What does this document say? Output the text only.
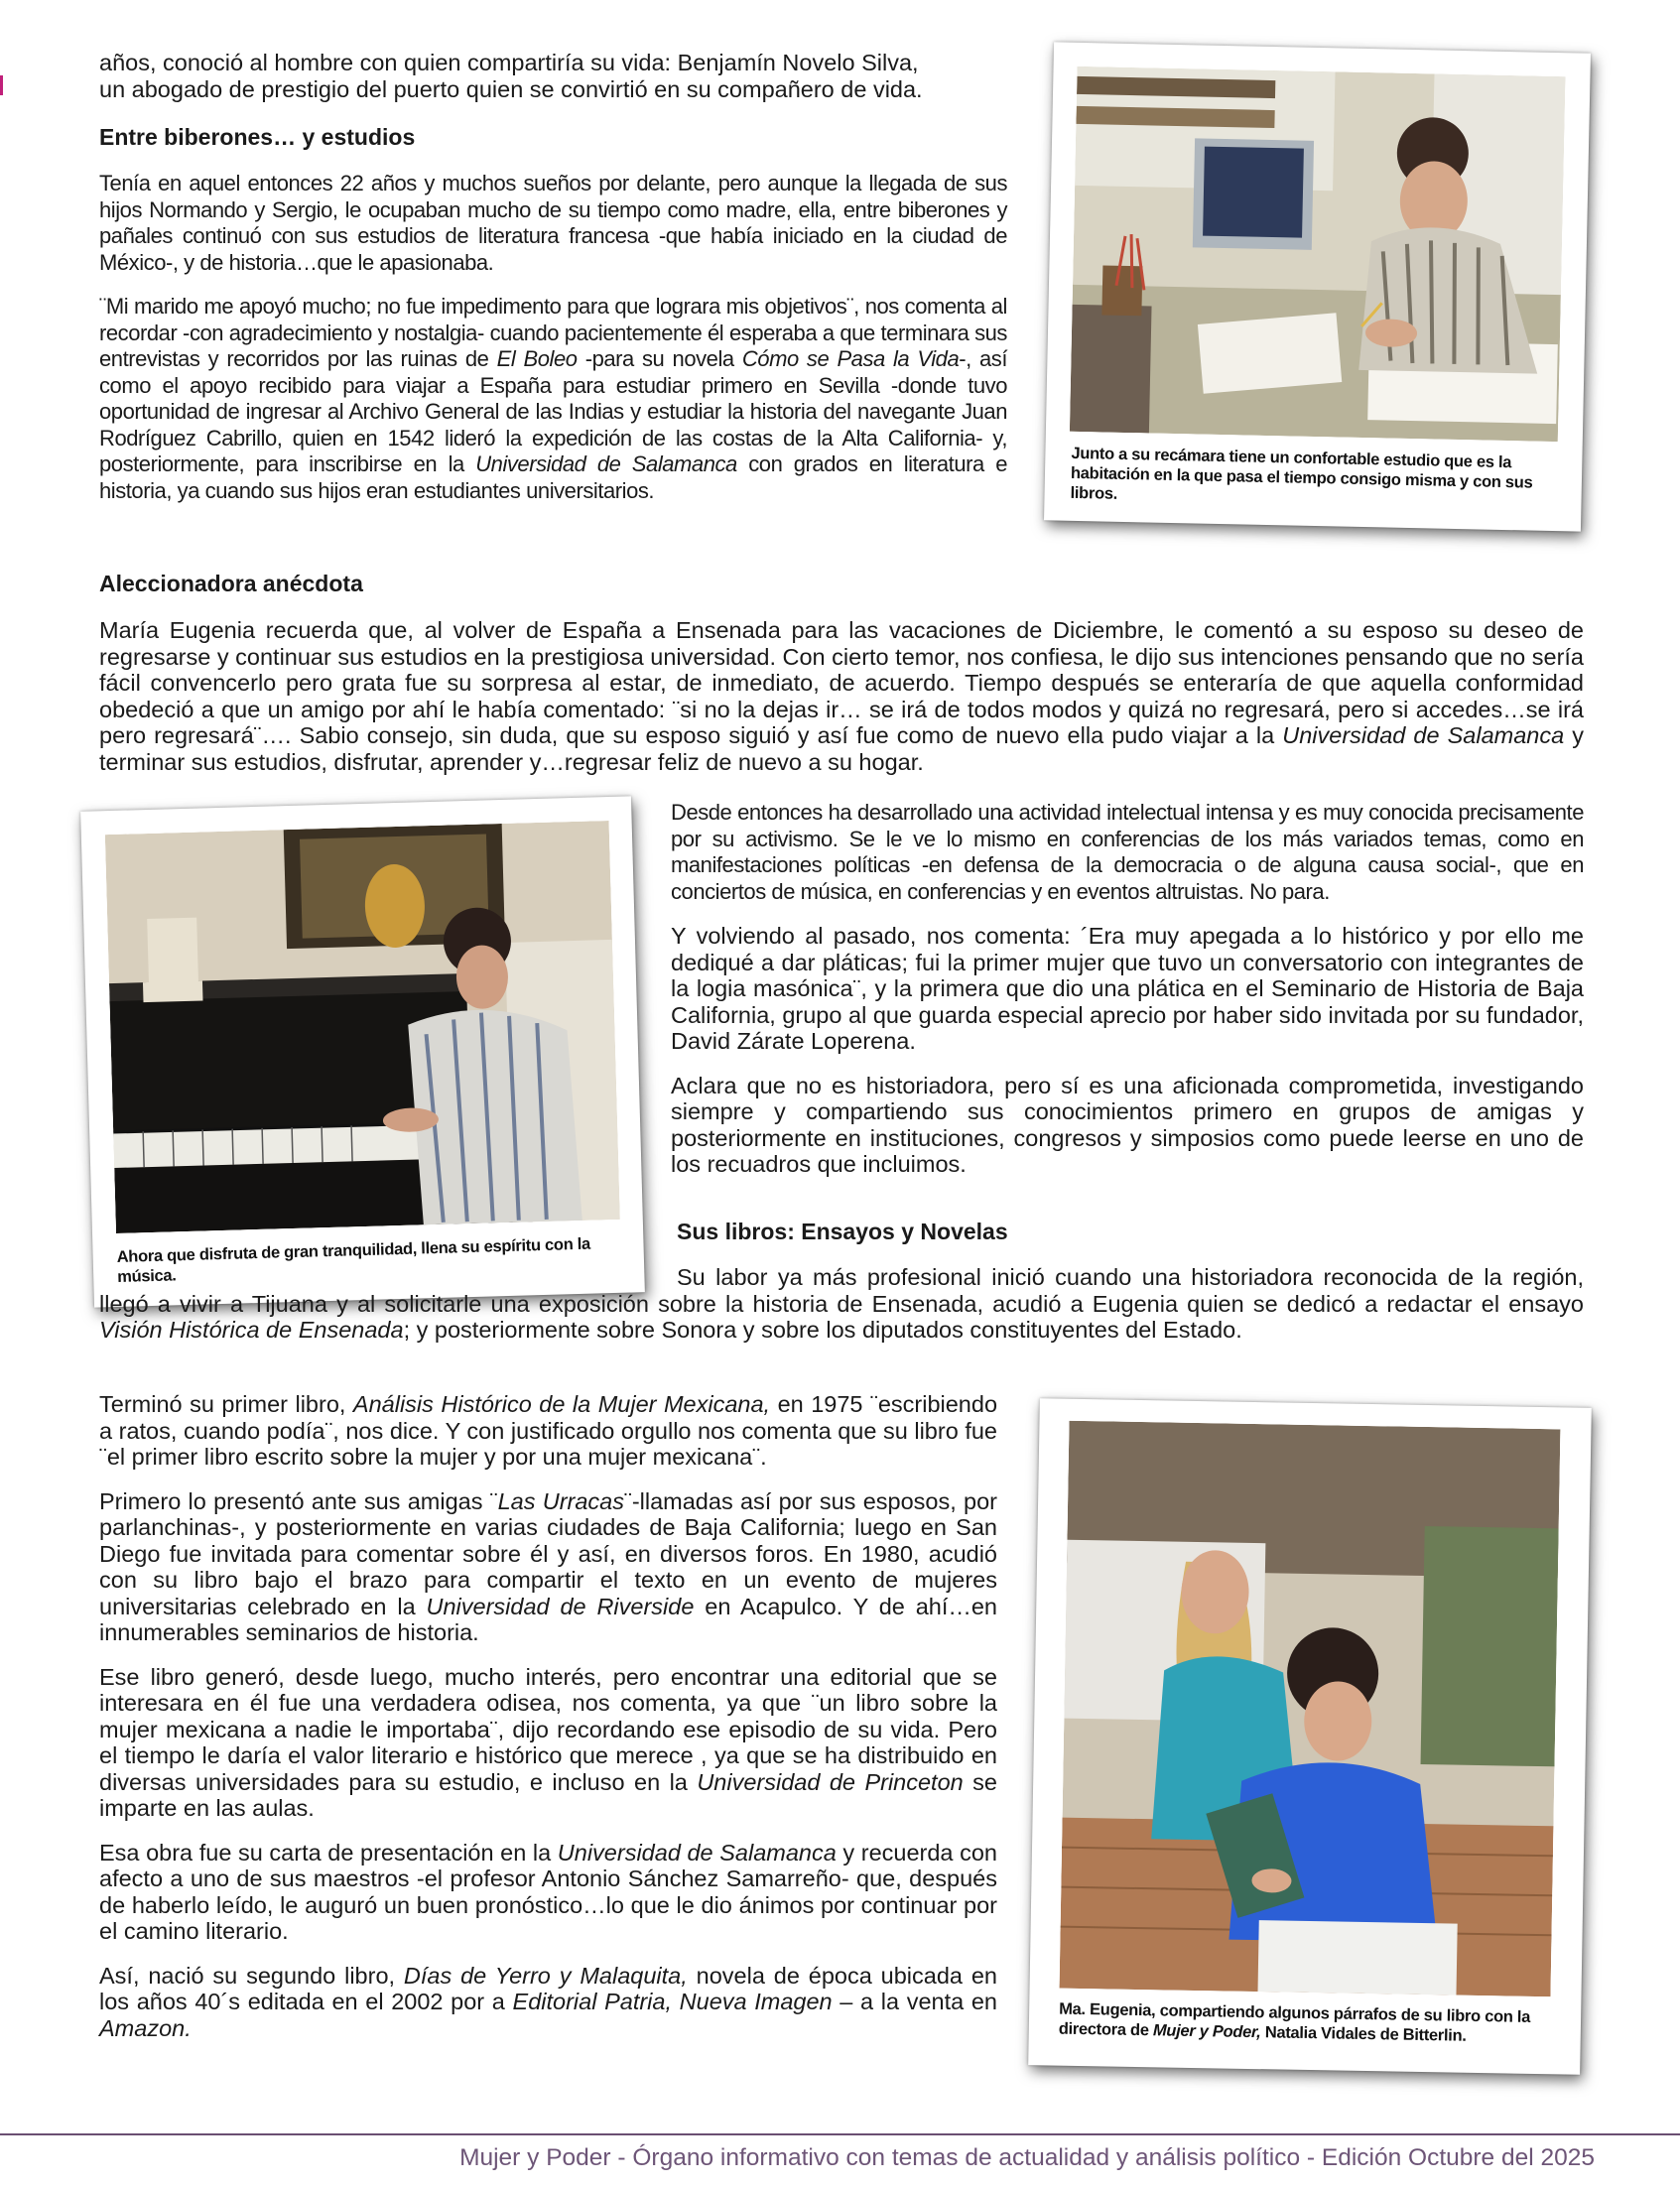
años, conoció al hombre con quien compartiría su vida: Benjamín Novelo Silva,
un abogado de prestigio del puerto quien se convirtió en su compañero de vida.

Entre biberones… y estudios

Tenía en aquel entonces 22 años y muchos sueños por delante, pero aunque la llegada de sus hijos Normando y Sergio, le ocupaban mucho de su tiempo como madre, ella, entre biberones y pañales continuó con sus estudios de literatura francesa -que había iniciado en la ciudad de México-, y de historia…que le apasionaba.

¨Mi marido me apoyó mucho; no fue impedimento para que lograra mis objetivos¨, nos comenta al recordar -con agradecimiento y nostalgia- cuando pacientemente él esperaba a que terminara sus entrevistas y recorridos por las ruinas de El Boleo -para su novela Cómo se Pasa la Vida-, así como el apoyo recibido para viajar a España para estudiar primero en Sevilla -donde tuvo oportunidad de ingresar al Archivo General de las Indias y estudiar la historia del navegante Juan Rodríguez Cabrillo, quien en 1542 lideró la expedición de las costas de la Alta California- y, posteriormente, para inscribirse en la Universidad de Salamanca con grados en literatura e historia, ya cuando sus hijos eran estudiantes universitarios.

Junto a su recámara tiene un confortable estudio que es la habitación en la que pasa el tiempo consigo misma y con sus libros.
Aleccionadora anécdota

María Eugenia recuerda que, al volver de España a Ensenada para las vacaciones de Diciembre, le comentó a su esposo su deseo de regresarse y continuar sus estudios en la prestigiosa universidad. Con cierto temor, nos confiesa, le dijo sus intenciones pensando que no sería fácil convencerlo pero grata fue su sorpresa al estar, de inmediato, de acuerdo. Tiempo después se enteraría de que aquella conformidad obedeció a que un amigo por ahí le había comentado: ¨si no la dejas ir… se irá de todos modos y quizá no regresará, pero si accedes…se irá pero regresará¨…. Sabio consejo, sin duda, que su esposo siguió y así fue como de nuevo ella pudo viajar a la Universidad de Salamanca y terminar sus estudios, disfrutar, aprender y…regresar feliz de nuevo a su hogar.

Ahora que disfruta de gran tranquilidad, llena su espíritu con la música.

Desde entonces ha desarrollado una actividad intelectual intensa y es muy conocida precisamente por su activismo. Se le ve lo mismo en conferencias de los más variados temas, como en manifestaciones políticas -en defensa de la democracia o de alguna causa social-, que en conciertos de música, en conferencias y en eventos altruistas. No para.

Y volviendo al pasado, nos comenta: ´Era muy apegada a lo histórico y por ello me dediqué a dar pláticas; fui la primer mujer que tuvo un conversatorio con integrantes de la logia masónica¨, y la primera que dio una plática en el Seminario de Historia de Baja California, grupo al que guarda especial aprecio por haber sido invitada por su fundador, David Zárate Loperena.

Aclara que no es historiadora, pero sí es una aficionada comprometida, investigando siempre y compartiendo sus conocimientos primero en grupos de amigas y posteriormente en instituciones, congresos y simposios como puede leerse en uno de los recuadros que incluimos.

Sus libros: Ensayos y Novelas

Su labor ya más profesional inició cuando una historiadora reconocida de la región, llegó a vivir a Tijuana y al solicitarle una exposición sobre la historia de Ensenada, acudió a Eugenia quien se dedicó a redactar el ensayo Visión Histórica de Ensenada; y posteriormente sobre Sonora y sobre los diputados constituyentes del Estado.

Terminó su primer libro, Análisis Histórico de la Mujer Mexicana, en 1975 ¨escribiendo a ratos, cuando podía¨, nos dice. Y con justificado orgullo nos comenta que su libro fue ¨el primer libro escrito sobre la mujer y por una mujer mexicana¨.

Primero lo presentó ante sus amigas ¨Las Urracas¨-llamadas así por sus esposos, por parlanchinas-, y posteriormente en varias ciudades de Baja California; luego en San Diego fue invitada para comentar sobre él y así, en diversos foros. En 1980, acudió con su libro bajo el brazo para compartir el texto en un evento de mujeres universitarias celebrado en la Universidad de Riverside en Acapulco. Y de ahí…en innumerables seminarios de historia.

Ese libro generó, desde luego, mucho interés, pero encontrar una editorial que se interesara en él fue una verdadera odisea, nos comenta, ya que ¨un libro sobre la mujer mexicana a nadie le importaba¨, dijo recordando ese episodio de su vida. Pero el tiempo le daría el valor literario e histórico que merece , ya que se ha distribuido en diversas universidades para su estudio, e incluso en la Universidad de Princeton se imparte en las aulas.

Esa obra fue su carta de presentación en la Universidad de Salamanca y recuerda con afecto a uno de sus maestros -el profesor Antonio Sánchez Samarreño- que, después de haberlo leído, le auguró un buen pronóstico…lo que le dio ánimos por continuar por el camino literario.

Así, nació su segundo libro, Días de Yerro y Malaquita, novela de época ubicada en los años 40´s editada en el 2002 por a Editorial Patria, Nueva Imagen – a la venta en Amazon.

Ma. Eugenia, compartiendo algunos párrafos de su libro con la directora de Mujer y Poder, Natalia Vidales de Bitterlin.
Mujer y Poder - Órgano informativo con temas de actualidad y análisis político - Edición Octubre del 2025
